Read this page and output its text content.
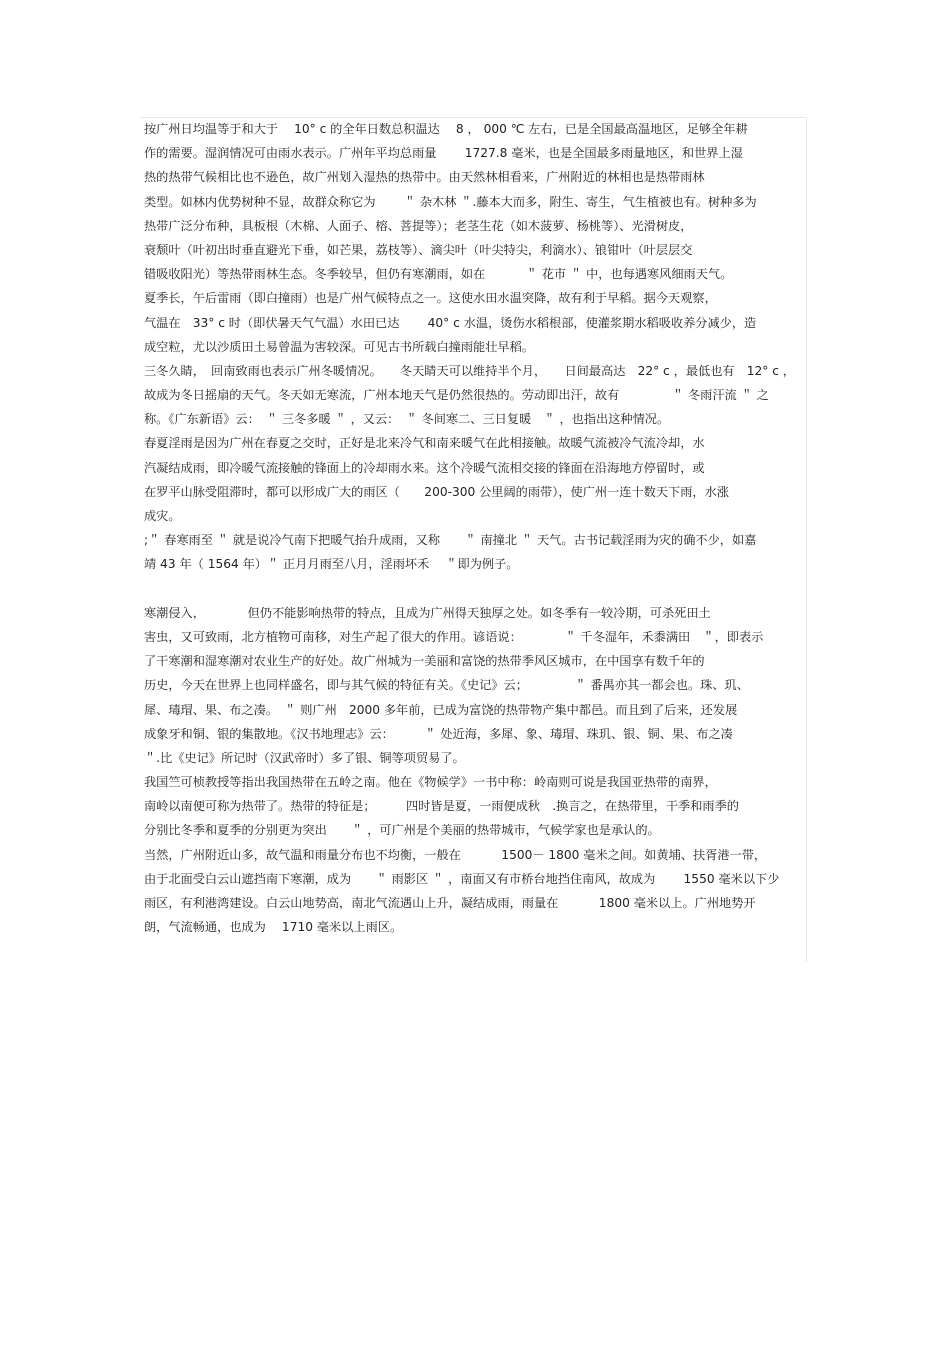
按广州日均温等于和大于　 10° c 的全年日数总积温达　 8 ， 000 ℃ 左右，已是全国最高温地区，足够全年耕
作的需要。湿润情况可由雨水表示。广州年平均总雨量　　 1727.8 毫米，也是全国最多雨量地区，和世界上湿
热的热带气候相比也不逊色，故广州划入湿热的热带中。由天然林相看来，广州附近的林相也是热带雨林
类型。如林内优势树种不显，故群众称它为　　 ＂ 杂木林 ＂.藤本大而多，附生、寄生，气生植被也有。树种多为
热带广泛分布种，具板根（木棉、人面子、榕、菩提等）；老茎生花（如木菠萝、杨桃等）、光滑树皮，
衰颓叶（叶初出时垂直避光下垂，如芒果，荔枝等）、滴尖叶（叶尖特尖，利滴水）、锒钳叶（叶层层交
错吸收阳光）等热带雨林生态。冬季较旱，但仍有寒潮雨，如在　　　 ＂ 花市 ＂ 中，也每遇寒风细雨天气。
夏季长，午后雷雨（即白撞雨）也是广州气候特点之一。这使水田水温突降，故有利于早稻。据今天观察，
气温在　33° c 时（即伏暑天气气温）水田已达　　 40° c 水温，烫伤水稻根部，使灌浆期水稻吸收养分减少，造
成空粒，尤以沙质田土易曾温为害较深。可见古书所载白撞雨能壮早稻。
三冬久睛，　回南致雨也表示广州冬暖情况。　　冬天睛天可以维持半个月，　　日间最高达　22° c ，最低也有　12° c ，
故成为冬日摇扇的天气。冬天如无寒流，广州本地天气是仍然很热的。劳动即出汗，故有　　　　 ＂ 冬雨汗流 ＂ 之
称。《广东新语》云：　＂ 三冬多暖 ＂ ，又云：　＂ 冬间寒二、三日复暖　＂ ，也指出这种情况。
春夏淫雨是因为广州在春夏之交时，正好是北来冷气和南来暖气在此相接触。故暖气流被冷气流冷却，水
汽凝结成雨，即冷暖气流接触的锋面上的冷却雨水来。这个冷暖气流相交接的锋面在沿海地方停留时，或
在罗平山脉受阻滞时，都可以形成广大的雨区（　　200-300 公里阔的雨带），使广州一连十数天下雨，水涨
成灾。
;＂ 春寒雨至 ＂ 就是说冷气南下把暖气抬升成雨，又称　　＂ 南撞北 ＂ 天气。古书记载淫雨为灾的确不少，如嘉
靖 43 年（ 1564 年）＂ 正月月雨至八月，淫雨坏禾　 ＂即为例子。
寒潮侵入，　　　　但仍不能影响热带的特点，且成为广州得天独厚之处。如冬季有一较冷期，可杀死田土
害虫，又可致雨，北方植物可南移，对生产起了很大的作用。谚语说：　　　　＂ 千冬湿年，禾黍满田　＂，即表示
了干寒潮和湿寒潮对农业生产的好处。故广州城为一美丽和富饶的热带季风区城市，在中国享有数千年的
历史，今天在世界上也同样盛名，即与其气候的特征有关。《史记》云；　　　　 ＂ 番禺亦其一都会也。珠、玑、
犀、瑇瑁、果、布之凑。　＂ 则广州　2000 多年前，已成为富饶的热带物产集中都邑。而且到了后来，还发展
成象牙和铜、银的集散地。《汉书地理志》云：　　　＂ 处近海，多犀、象、瑇瑁、珠玑、银、铜、果、布之凑
＂.比《史记》所记时（汉武帝时）多了银、铜等项贸易了。
我国竺可桢教授等指出我国热带在五岭之南。他在《物候学》一书中称：岭南则可说是我国亚热带的南界，
南岭以南便可称为热带了。热带的特征是；　　　四时皆是夏，一雨便成秋　.换言之，在热带里，干季和雨季的
分别比冬季和夏季的分别更为突出　　＂ ，可广州是个美丽的热带城市，气候学家也是承认的。
当然，广州附近山多，故气温和雨量分布也不均衡，一般在　　　 1500－ 1800 毫米之间。如黄埔、扶胥港一带，
由于北面受白云山遮挡南下寒潮，成为　　＂ 雨影区 ＂ ，南面又有市桥台地挡住南风，故成为　　 1550 毫米以下少
雨区，有利港湾建设。白云山地势高，南北气流遇山上升，凝结成雨，雨量在　　　 1800 毫米以上。广州地势开
朗，气流畅通，也成为　 1710 毫米以上雨区。
